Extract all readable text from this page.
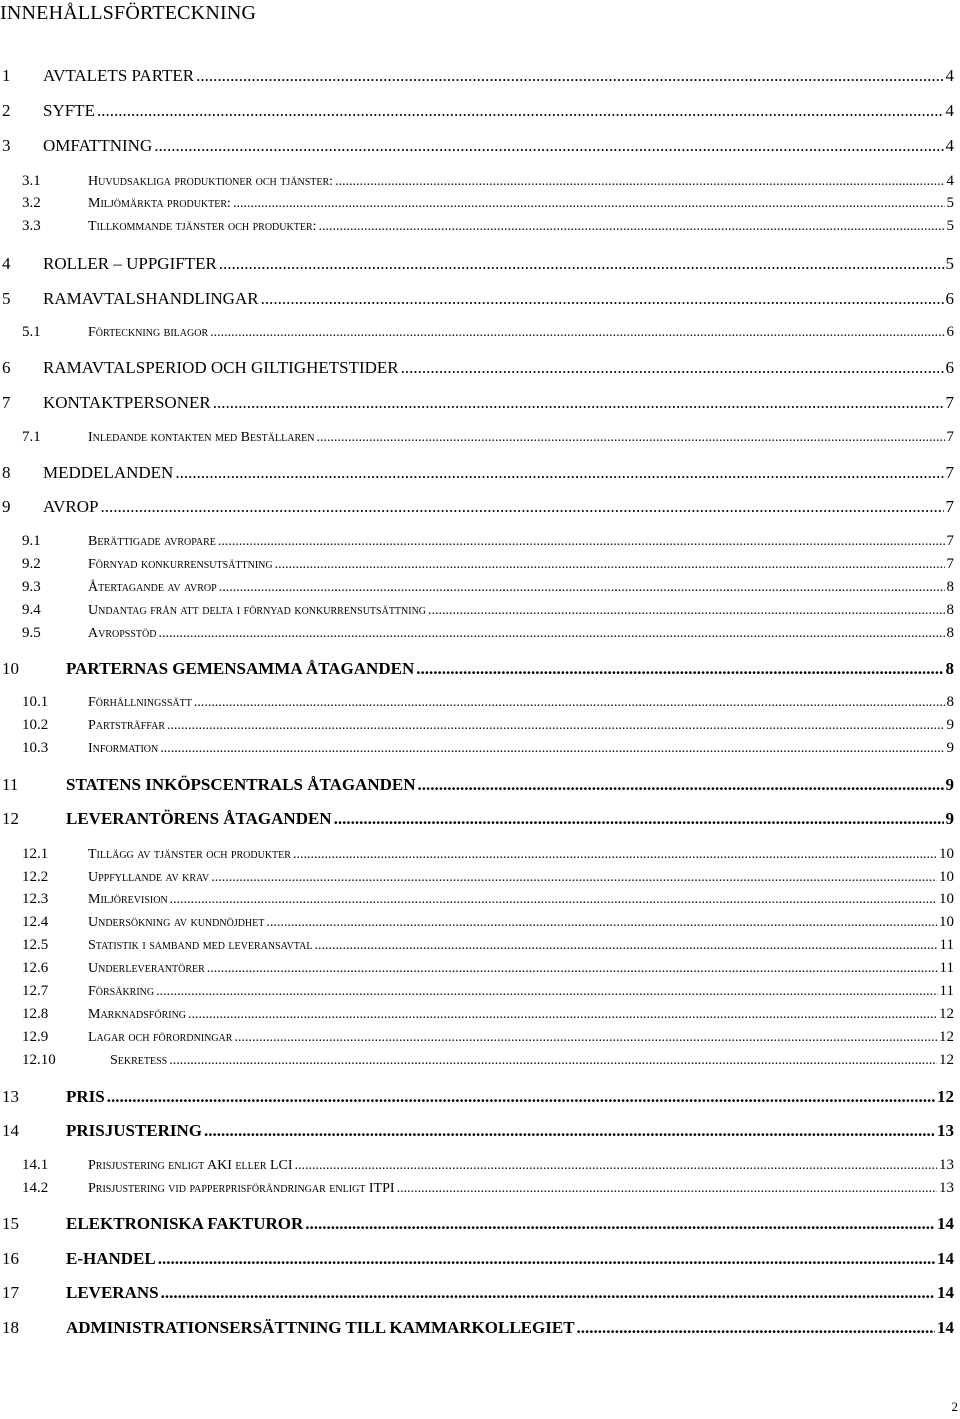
INNEHÅLLSFÖRTECKNING
1 AVTALETS PARTER .....	4
2 SYFTE .....	4
3 OMFATTNING .....	4
3.1	Huvudsakliga produktioner och tjänster: .....	4
3.2	Miljömärkta produkter: .....	5
3.3	Tillkommande tjänster och produkter: .....	5
4 ROLLER – UPPGIFTER .....	5
5 RAMAVTALSHANDLINGAR .....	6
5.1	Förteckning bilagor .....	6
6 RAMAVTALSPERIOD OCH GILTIGHETSTIDER .....	6
7 KONTAKTPERSONER .....	7
7.1	Inledande kontakten med Beställaren .....	7
8 MEDDELANDEN .....	7
9 AVROP .....	7
9.1	Berättigade avropare .....	7
9.2	Förnyad konkurrensutsättning .....	7
9.3	Återtagande av avrop .....	8
9.4	Undantag från att delta i förnyad konkurrensutsättning .....	8
9.5	Avropsstöd .....	8
10	PARTERNAS GEMENSAMMA ÅTAGANDEN .....	8
10.1	Förhållningssätt .....	8
10.2	Partsträffar .....	9
10.3	Information .....	9
11	STATENS INKÖPSCENTRALS ÅTAGANDEN .....	9
12	LEVERANTÖRENS ÅTAGANDEN .....	9
12.1	Tillägg av tjänster och produkter .....	10
12.2	Uppfyllande av krav .....	10
12.3	Miljörevision .....	10
12.4	Undersökning av kundnöjdhet .....	10
12.5	Statistik i samband med leveransavtal .....	11
12.6	Underleverantörer .....	11
12.7	Försäkring .....	11
12.8	Marknadsföring .....	12
12.9	Lagar och förordningar .....	12
12.10	Sekretess .....	12
13	PRIS .....	12
14	PRISJUSTERING .....	13
14.1	Prisjustering enligt AKI eller LCI .....	13
14.2	Prisjustering vid papperprisförändringar enligt ITPI .....	13
15	ELEKTRONISKA FAKTUROR .....	14
16	E-HANDEL .....	14
17	LEVERANS .....	14
18	ADMINISTRATIONSERSÄTTNING TILL KAMMARKOLLEGIET .....	14
2
